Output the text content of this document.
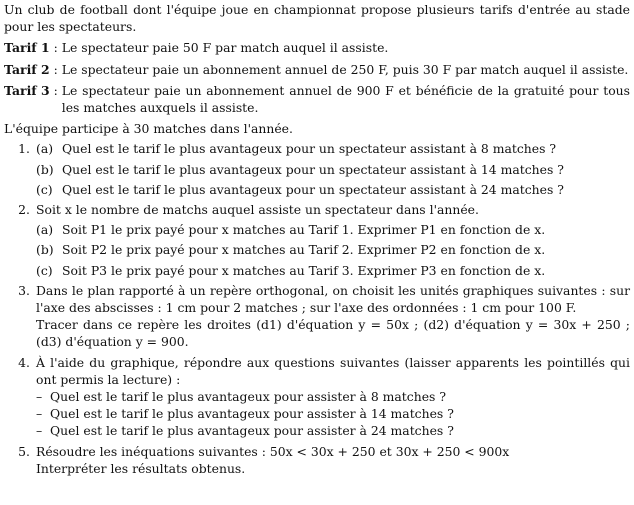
Un club de football dont l'équipe joue en championnat propose plusieurs tarifs d'entrée au stade pour les spectateurs.

Tarif 1 : Le spectateur paie 50 F par match auquel il assiste.
Tarif 2 : Le spectateur paie un abonnement annuel de 250 F, puis 30 F par match auquel il assiste.
Tarif 3 : Le spectateur paie un abonnement annuel de 900 F et bénéficie de la gratuité pour tous les matches auxquels il assiste.

L'équipe participe à 30 matches dans l'année.

1. (a) Quel est le tarif le plus avantageux pour un spectateur assistant à 8 matches ?
(b) Quel est le tarif le plus avantageux pour un spectateur assistant à 14 matches ?
(c) Quel est le tarif le plus avantageux pour un spectateur assistant à 24 matches ?
2. Soit x le nombre de matchs auquel assiste un spectateur dans l'année.

(a) Soit P1 le prix payé pour x matches au Tarif 1. Exprimer P1 en fonction de x.
(b) Soit P2 le prix payé pour x matches au Tarif 2. Exprimer P2 en fonction de x.
(c) Soit P3 le prix payé pour x matches au Tarif 3. Exprimer P3 en fonction de x.
3. Dans le plan rapporté à un repère orthogonal, on choisit les unités graphiques suivantes : sur l'axe des abscisses : 1 cm pour 2 matches ; sur l'axe des ordonnées : 1 cm pour 100 F.

Tracer dans ce repère les droites (d1) d'équation y = 50x ; (d2) d'équation y = 30x + 250 ; (d3) d'équation y = 900.

4. À l'aide du graphique, répondre aux questions suivantes (laisser apparents les pointillés qui ont permis la lecture) :

– Quel est le tarif le plus avantageux pour assister à 8 matches ?
– Quel est le tarif le plus avantageux pour assister à 14 matches ?
– Quel est le tarif le plus avantageux pour assister à 24 matches ?
5. Résoudre les inéquations suivantes : 50x < 30x + 250 et 30x + 250 < 900x

Interpréter les résultats obtenus.
